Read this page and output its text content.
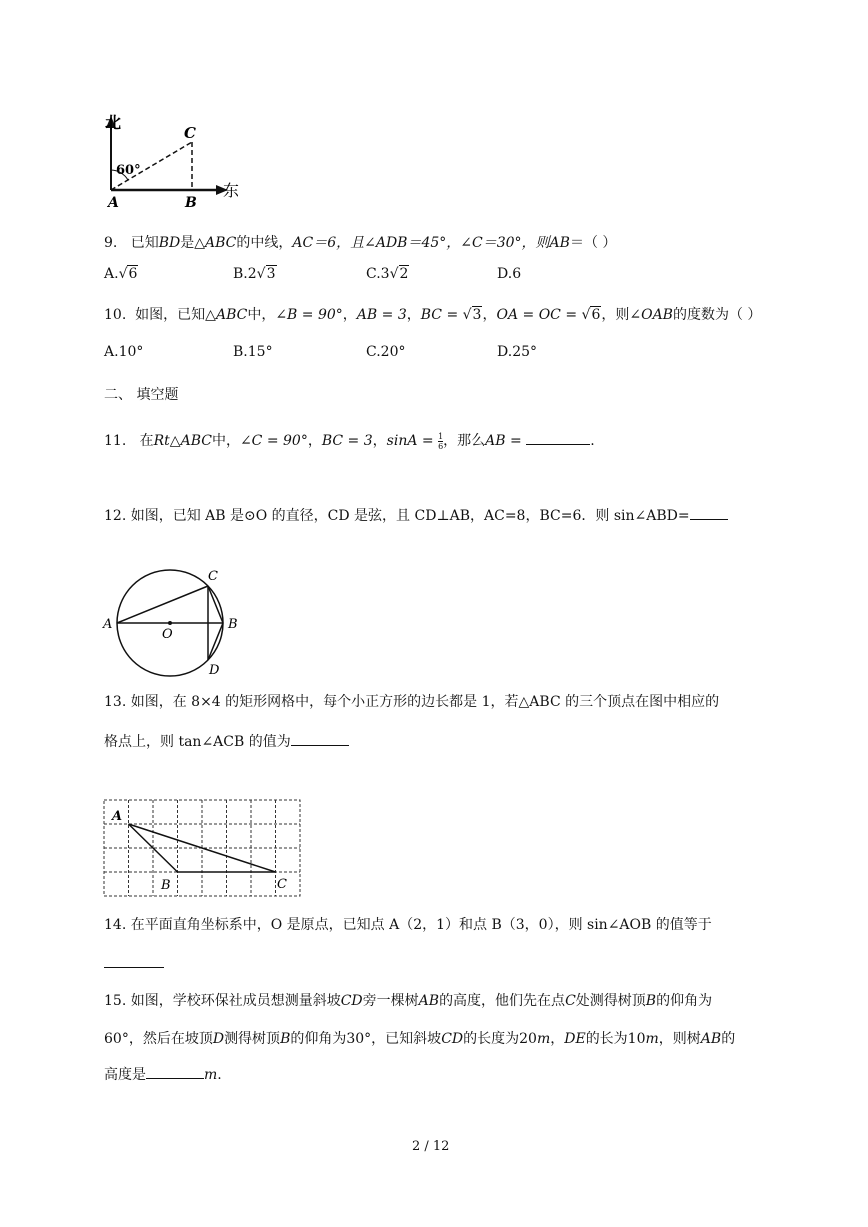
北
东
60°
A	B
C
9. 已知BD是△ABC的中线，AC＝6，且∠ADB＝45°，∠C＝30°，则AB＝（ ）
A.√6	B.2√3	C.3√2	D.6
10. 如图，已知△ABC中，∠B = 90°，AB = 3，BC = √3，OA = OC = √6，则∠OAB的度数为（ ）
A.10°	B.15°	C.20°	D.25°
二、 填空题
11. 在Rt△ABC中，∠C = 90°，BC = 3，$\sin A = \frac{1}{6}$ ，那么AB =	.
12. 如图，已知 AB 是⊙O 的直径，CD 是弦，且 CD⊥AB，AC=8，BC=6．则 sin∠ABD=
A
O
B
C
D
13. 如图，在 8×4 的矩形网格中，每个小正方形的边长都是 1，若△ABC 的三个顶点在图中相应的
格点上，则 tan∠ACB 的值为
A
B	C
14. 在平面直角坐标系中，O 是原点，已知点 A（2，1）和点 B（3，0），则 sin∠AOB 的值等于
15. 如图，学校环保社成员想测量斜坡CD旁一棵树AB的高度，他们先在点C处测得树顶B的仰角为
60°，然后在坡顶D测得树顶B的仰角为30°，已知斜坡CD的长度为20m，DE的长为10m，则树AB的
高度是	m.
2 / 12
